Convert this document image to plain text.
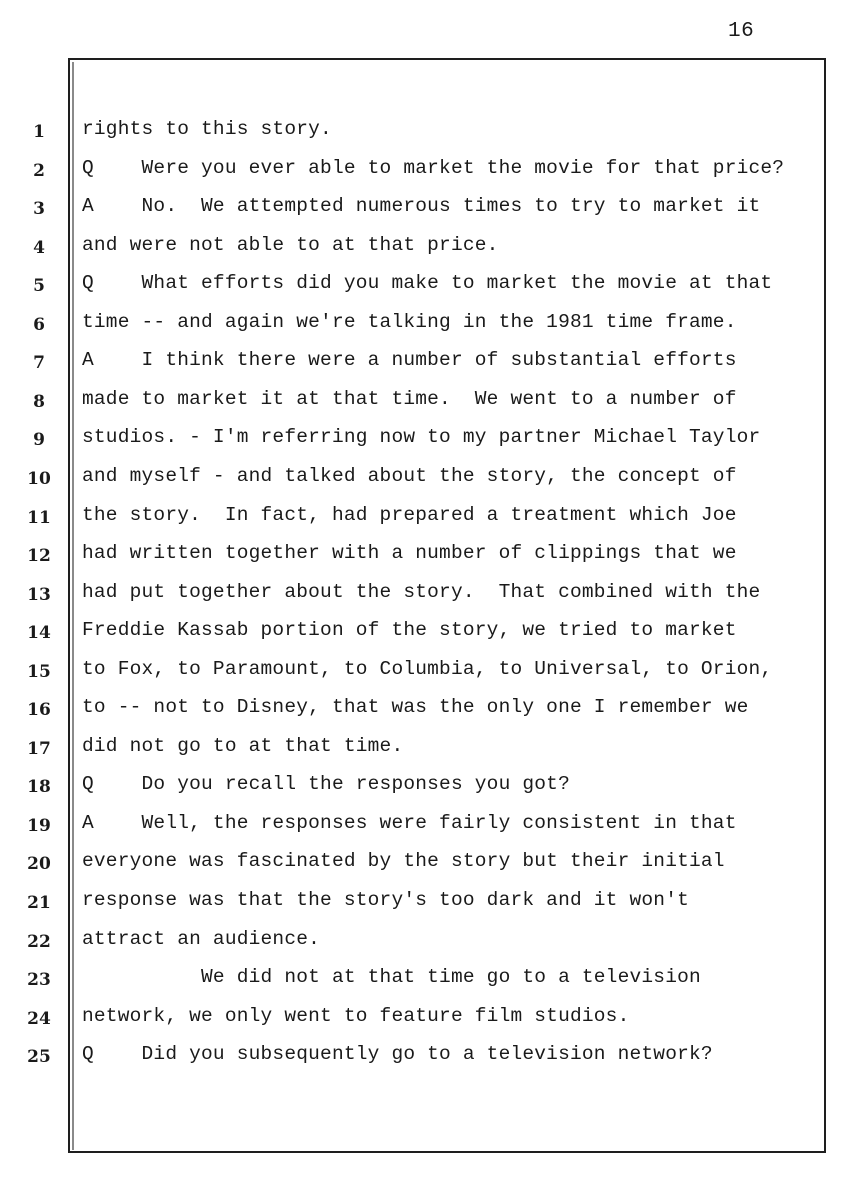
16
1	rights to this story.
2	Q    Were you ever able to market the movie for that price?
3	A    No.  We attempted numerous times to try to market it
4	and were not able to at that price.
5	Q    What efforts did you make to market the movie at that
6	time -- and again we're talking in the 1981 time frame.
7	A    I think there were a number of substantial efforts
8	made to market it at that time.  We went to a number of
9	studios. - I'm referring now to my partner Michael Taylor
10 and myself - and talked about the story, the concept of
11 the story.  In fact, had prepared a treatment which Joe
12 had written together with a number of clippings that we
13 had put together about the story.  That combined with the
14 Freddie Kassab portion of the story, we tried to market
15 to Fox, to Paramount, to Columbia, to Universal, to Orion,
16 to -- not to Disney, that was the only one I remember we
17 did not go to at that time.
18 Q    Do you recall the responses you got?
19 A    Well, the responses were fairly consistent in that
20 everyone was fascinated by the story but their initial
21 response was that the story's too dark and it won't
22 attract an audience.
23 We did not at that time go to a television
24 network, we only went to feature film studios.
25 Q    Did you subsequently go to a television network?
